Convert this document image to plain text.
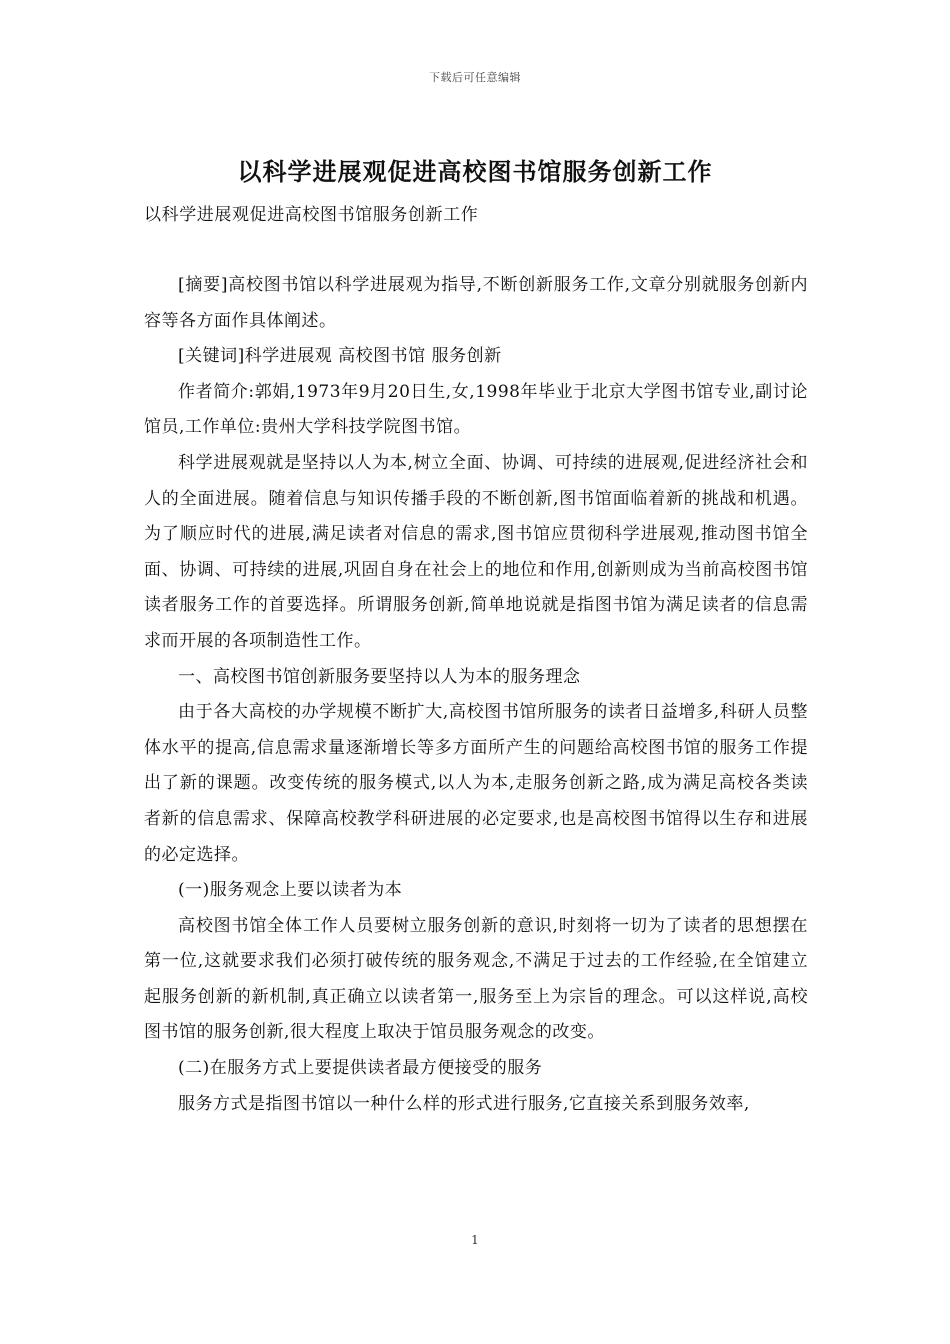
下载后可任意编辑
以科学进展观促进高校图书馆服务创新工作
以科学进展观促进高校图书馆服务创新工作

[摘要]高校图书馆以科学进展观为指导,不断创新服务工作,文章分别就服务创新内容等各方面作具体阐述。

[关键词]科学进展观 高校图书馆 服务创新

作者简介:郭娟,1973年9月20日生,女,1998年毕业于北京大学图书馆专业,副讨论馆员,工作单位:贵州大学科技学院图书馆。

科学进展观就是坚持以人为本,树立全面、协调、可持续的进展观,促进经济社会和人的全面进展。随着信息与知识传播手段的不断创新,图书馆面临着新的挑战和机遇。为了顺应时代的进展,满足读者对信息的需求,图书馆应贯彻科学进展观,推动图书馆全面、协调、可持续的进展,巩固自身在社会上的地位和作用,创新则成为当前高校图书馆读者服务工作的首要选择。所谓服务创新,简单地说就是指图书馆为满足读者的信息需求而开展的各项制造性工作。

一、高校图书馆创新服务要坚持以人为本的服务理念

由于各大高校的办学规模不断扩大,高校图书馆所服务的读者日益增多,科研人员整体水平的提高,信息需求量逐渐增长等多方面所产生的问题给高校图书馆的服务工作提出了新的课题。改变传统的服务模式,以人为本,走服务创新之路,成为满足高校各类读者新的信息需求、保障高校教学科研进展的必定要求,也是高校图书馆得以生存和进展的必定选择。

(一)服务观念上要以读者为本

高校图书馆全体工作人员要树立服务创新的意识,时刻将一切为了读者的思想摆在第一位,这就要求我们必须打破传统的服务观念,不满足于过去的工作经验,在全馆建立起服务创新的新机制,真正确立以读者第一,服务至上为宗旨的理念。可以这样说,高校图书馆的服务创新,很大程度上取决于馆员服务观念的改变。

(二)在服务方式上要提供读者最方便接受的服务

服务方式是指图书馆以一种什么样的形式进行服务,它直接关系到服务效率,

1
